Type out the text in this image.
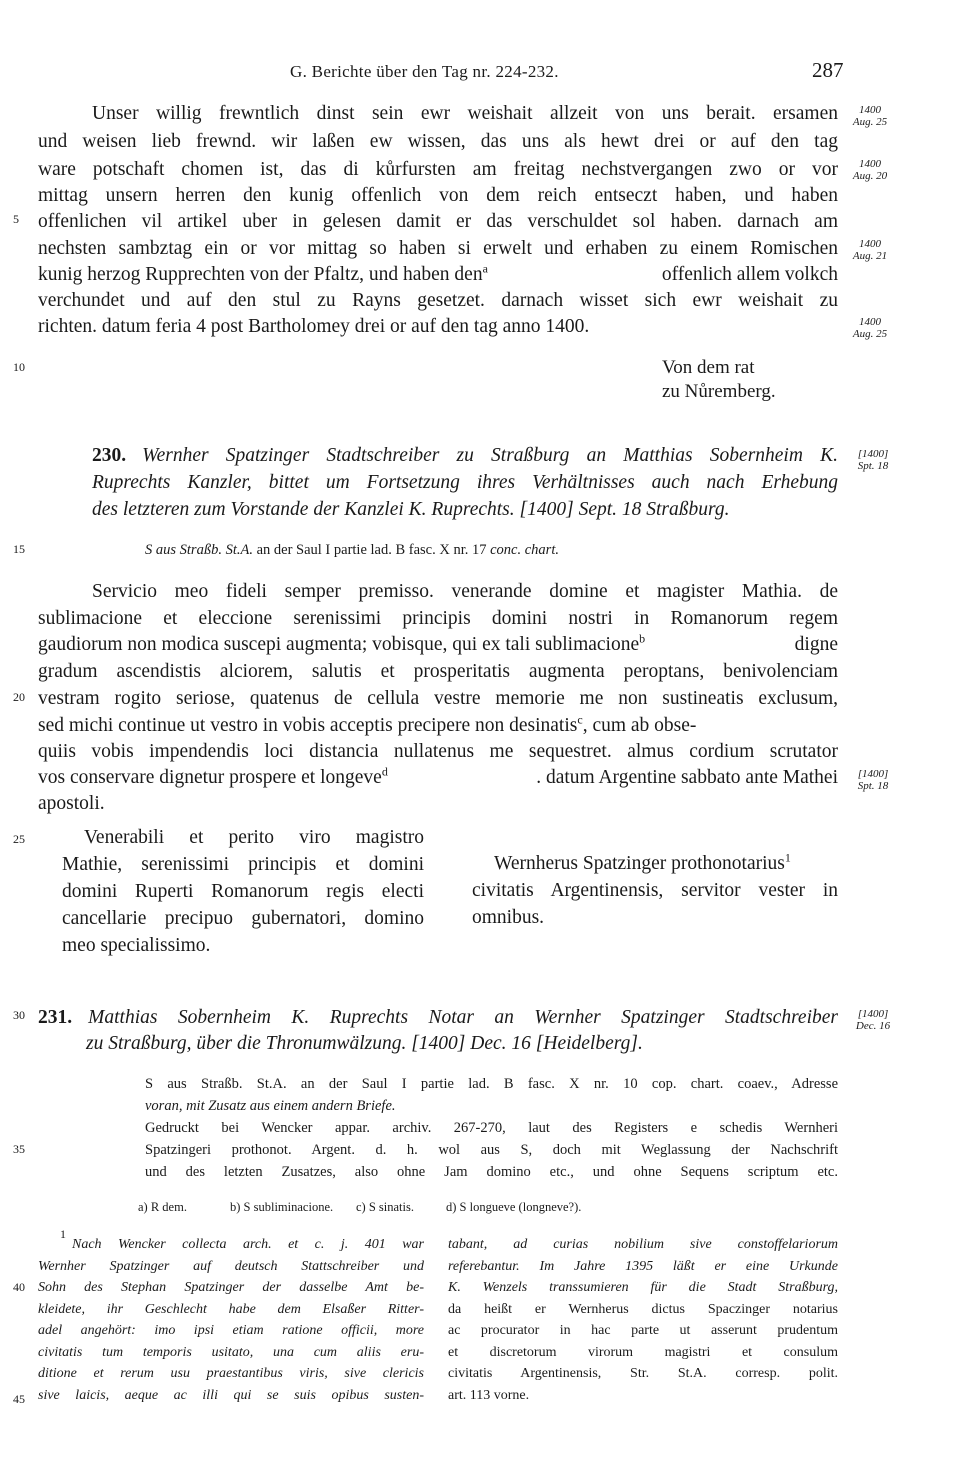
G. Berichte über den Tag nr. 224-232.	287
5
10
15
20
25
30
35
40
45
1400
Aug. 25
1400
Aug. 20
1400
Aug. 21
1400
Aug. 25
[1400]
Spt. 18
[1400]
Spt. 18
[1400]
Dec. 16
Unser willig frewntlich dinst sein ewr weishait allzeit von uns berait. ersamen
und weisen lieb frewnd. wir laßen ew wissen, das uns als hewt drei or auf den tag
ware potschaft chomen ist, das di kůrfursten am freitag nechstvergangen zwo or vor
mittag unsern herren den kunig offenlich von dem reich entseczt haben, und haben
offenlichen vil artikel uber in gelesen damit er das verschuldet sol haben. darnach am
nechsten sambztag ein or vor mittag so haben si erwelt und erhaben zu einem Romischen
kunig herzog Rupprechten von der Pfaltz, und haben den$^a$	offenlich allem volkch
verchundet und auf den stul zu Rayns gesetzet. darnach wisset sich ewr weishait zu
richten. datum feria 4 post Bartholomey drei or auf den tag anno 1400.
Von dem rat
zu Nůremberg.
230. Wernher Spatzinger Stadtschreiber zu Straßburg an Matthias Sobernheim K.
Ruprechts Kanzler, bittet um Fortsetzung ihres Verhältnisses auch nach Erhebung
des letzteren zum Vorstande der Kanzlei K. Ruprechts. [1400] Sept. 18 Straßburg.
S aus Straßb. St.A. an der Saul I partie lad. B fasc. X nr. 17 conc. chart.
Servicio meo fideli semper premisso. venerande domine et magister Mathia. de
sublimacione et eleccione serenissimi principis domini nostri in Romanorum regem
gaudiorum non modica suscepi augmenta; vobisque, qui ex tali sublimacione$^b$	digne
gradum ascendistis alciorem, salutis et prosperitatis augmenta peroptans, benivolenciam
vestram rogito seriose, quatenus de cellula vestre memorie me non sustineatis exclusum,
sed michi continue ut vestro in vobis acceptis precipere non desinatis$^c$, cum ab obse-
quiis vobis impendendis loci distancia nullatenus me sequestret. almus cordium scrutator
vos conservare dignetur prospere et longeve$^d$	. datum Argentine sabbato ante Mathei
apostoli.
Venerabili et perito viro magistro
Mathie, serenissimi principis et domini
domini Ruperti Romanorum regis electi
cancellarie precipuo gubernatori, domino
meo specialissimo.
Wernherus Spatzinger prothonotarius$^1$
civitatis Argentinensis, servitor vester in
omnibus.
231. Matthias Sobernheim K. Ruprechts Notar an Wernher Spatzinger Stadtschreiber
zu Straßburg, über die Thronumwälzung. [1400] Dec. 16 [Heidelberg].
S aus Straßb. St.A. an der Saul I partie lad. B fasc. X nr. 10 cop. chart. coaev., Adresse
voran, mit Zusatz aus einem andern Briefe.
Gedruckt bei Wencker appar. archiv. 267-270, laut des Registers e schedis Wernheri
Spatzingeri prothonot. Argent. d. h. wol aus S, doch mit Weglassung der Nachschrift
und des letzten Zusatzes, also ohne Jam domino etc., und ohne Sequens scriptum etc.
a) R dem.	b) S subliminacione. c) S sinatis.	d) S longueve (longneve?).
1
Nach Wencker collecta arch. et c. j. 401 war
Wernher Spatzinger auf deutsch Stattschreiber und
Sohn des Stephan Spatzinger der dasselbe Amt be-
kleidete, ihr Geschlecht habe dem Elsaßer Ritter-
adel angehört: imo ipsi etiam ratione officii, more
civitatis tum temporis usitato, una cum aliis eru-
ditione et rerum usu praestantibus viris, sive clericis
sive laicis, aeque ac illi qui se suis opibus susten-
tabant, ad curias nobilium sive constoffelariorum
referebantur. Im Jahre 1395 läßt er eine Urkunde
K. Wenzels transsumieren für die Stadt Straßburg,
da heißt er Wernherus dictus Spaczinger notarius
ac procurator in hac parte ut asserunt prudentum
et discretorum virorum magistri et consulum
civitatis Argentinensis, Str. St.A. corresp. polit.
art. 113 vorne.
